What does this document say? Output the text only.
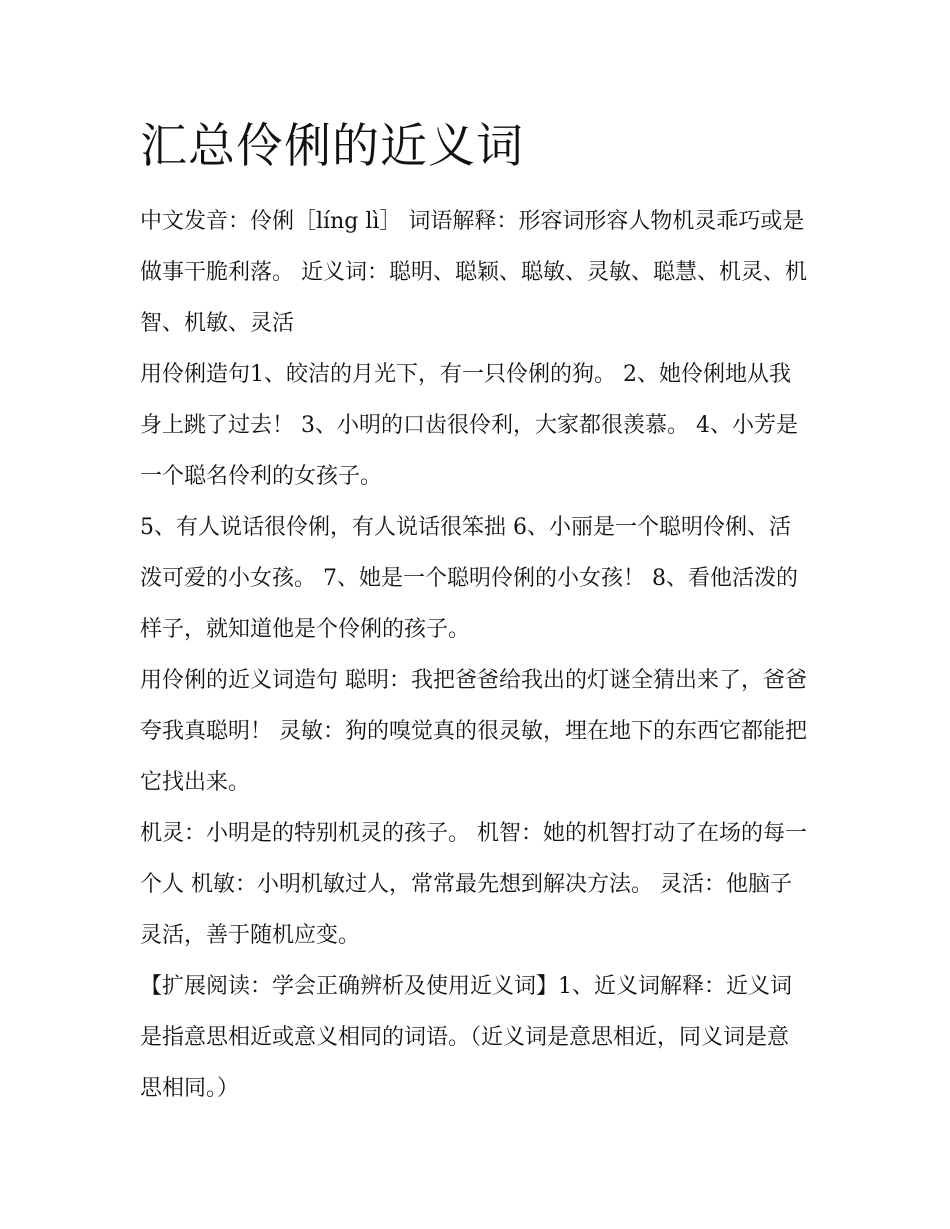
汇总伶俐的近义词

中文发音：伶俐［líng lì］ 词语解释：形容词形容人物机灵乖巧或是做事干脆利落。 近义词：聪明、聪颖、聪敏、灵敏、聪慧、机灵、机智、机敏、灵活

用伶俐造句1、皎洁的月光下，有一只伶俐的狗。 2、她伶俐地从我身上跳了过去！ 3、小明的口齿很伶利，大家都很羡慕。 4、小芳是一个聪名伶利的女孩子。

5、有人说话很伶俐，有人说话很笨拙 6、小丽是一个聪明伶俐、活泼可爱的小女孩。 7、她是一个聪明伶俐的小女孩！ 8、看他活泼的样子，就知道他是个伶俐的孩子。

用伶俐的近义词造句 聪明：我把爸爸给我出的灯谜全猜出来了，爸爸夸我真聪明！ 灵敏：狗的嗅觉真的很灵敏，埋在地下的东西它都能把它找出来。

机灵：小明是的特别机灵的孩子。 机智：她的机智打动了在场的每一个人 机敏：小明机敏过人，常常最先想到解决方法。 灵活：他脑子灵活，善于随机应变。

【扩展阅读：学会正确辨析及使用近义词】1、近义词解释：近义词是指意思相近或意义相同的词语。（近义词是意思相近，同义词是意思相同。）
